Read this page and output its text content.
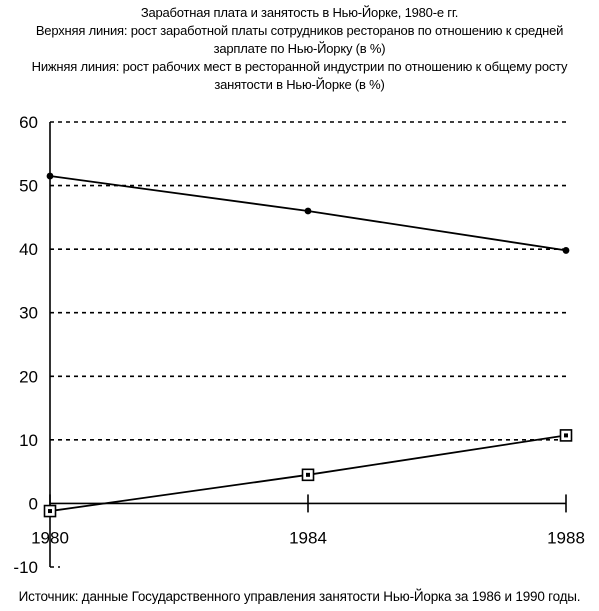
Заработная плата и занятость в Нью-Йорке, 1980-е гг.
Верхняя линия: рост заработной платы сотрудников ресторанов по отношению к средней зарплате по Нью-Йорку (в %)
Нижняя линия: рост рабочих мест в ресторанной индустрии по отношению к общему росту занятости в Нью-Йорке (в %)
-10
0
10
20
30
40
50
60
1980	1984	1988
Источник: данные Государственного управления занятости Нью-Йорка за 1986 и 1990 годы.
